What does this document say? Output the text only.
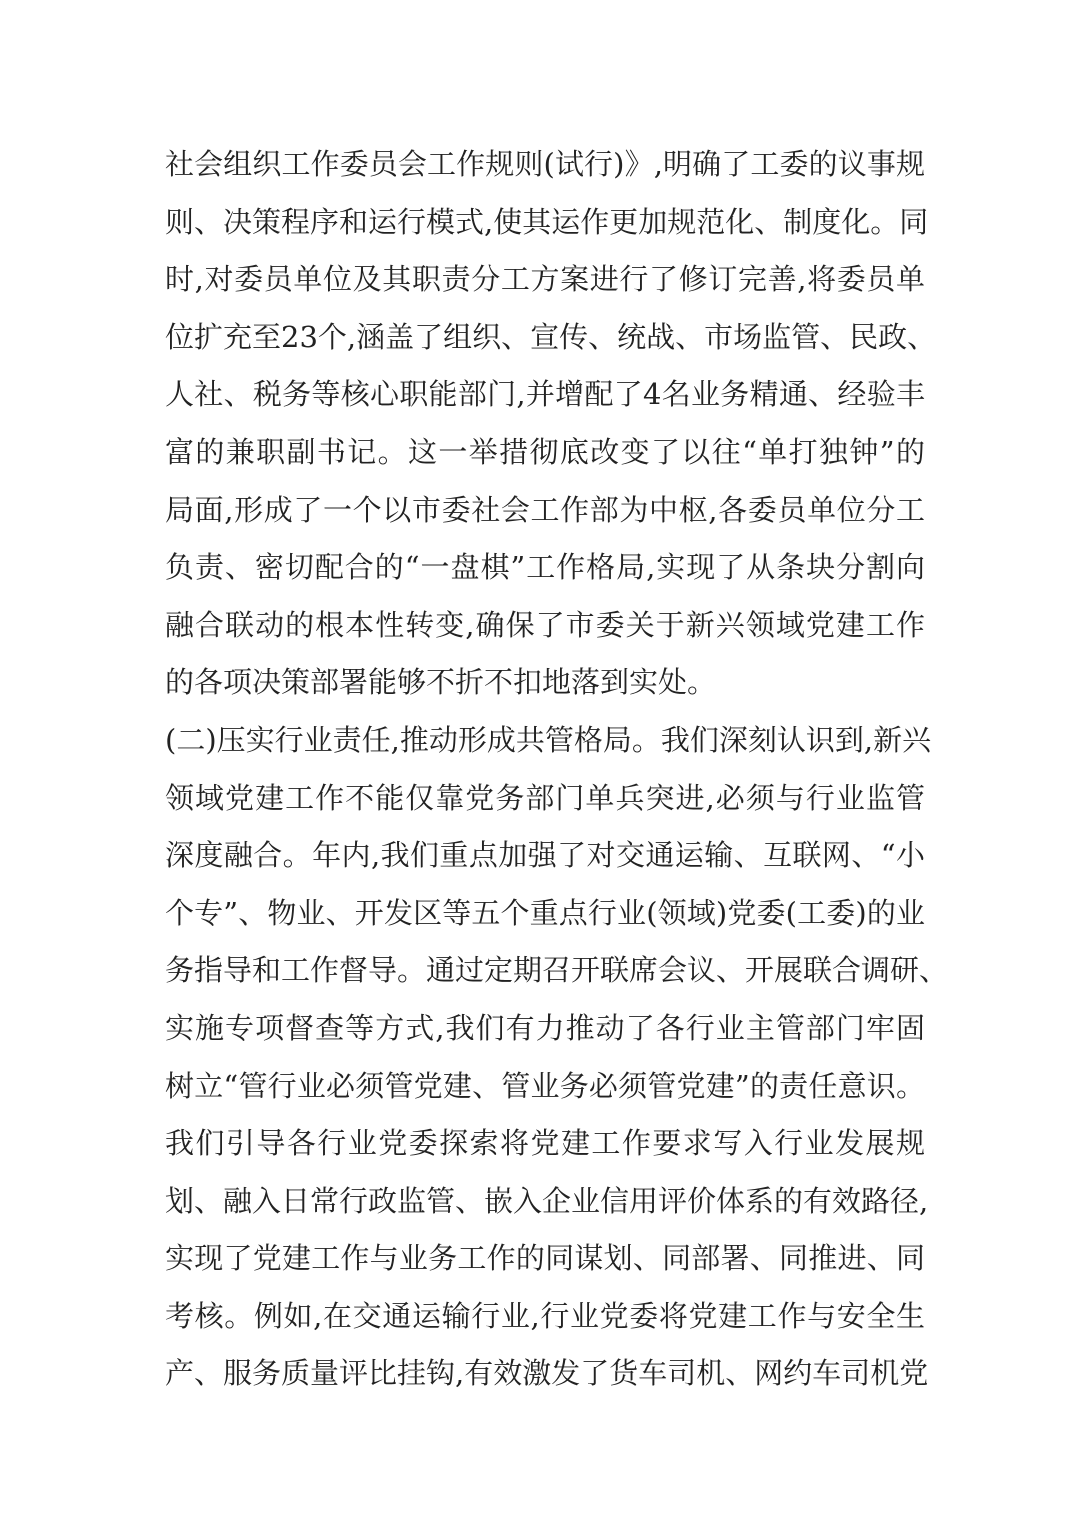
社会组织工作委员会工作规则(试行)》,明确了工委的议事规
则、决策程序和运行模式,使其运作更加规范化、制度化。同
时,对委员单位及其职责分工方案进行了修订完善,将委员单
位扩充至23个,涵盖了组织、宣传、统战、市场监管、民政、
人社、税务等核心职能部门,并增配了4名业务精通、经验丰
富的兼职副书记。这一举措彻底改变了以往“单打独钟”的
局面,形成了一个以市委社会工作部为中枢,各委员单位分工
负责、密切配合的“一盘棋”工作格局,实现了从条块分割向
融合联动的根本性转变,确保了市委关于新兴领域党建工作
的各项决策部署能够不折不扣地落到实处。
(二)压实行业责任,推动形成共管格局。我们深刻认识到,新兴
领域党建工作不能仅靠党务部门单兵突进,必须与行业监管
深度融合。年内,我们重点加强了对交通运输、互联网、“小
个专”、物业、开发区等五个重点行业(领域)党委(工委)的业
务指导和工作督导。通过定期召开联席会议、开展联合调研、
实施专项督查等方式,我们有力推动了各行业主管部门牢固
树立“管行业必须管党建、管业务必须管党建”的责任意识。
我们引导各行业党委探索将党建工作要求写入行业发展规
划、融入日常行政监管、嵌入企业信用评价体系的有效路径,
实现了党建工作与业务工作的同谋划、同部署、同推进、同
考核。例如,在交通运输行业,行业党委将党建工作与安全生
产、服务质量评比挂钩,有效激发了货车司机、网约车司机党
